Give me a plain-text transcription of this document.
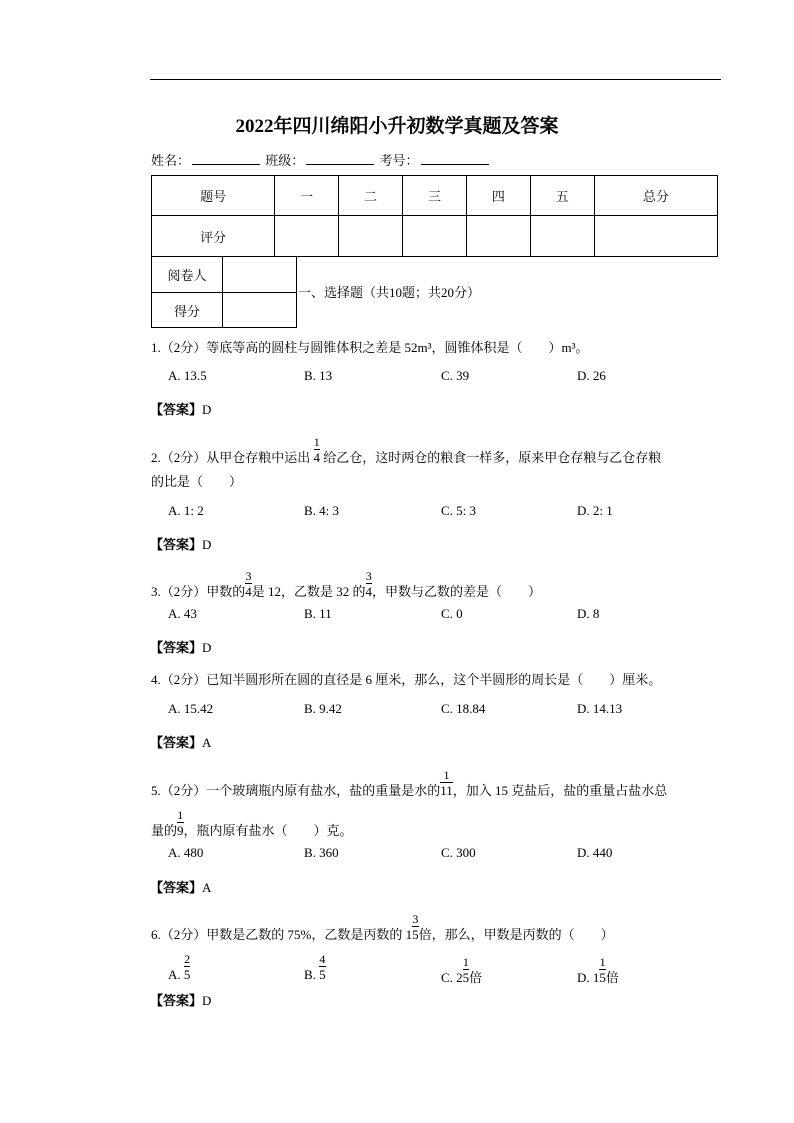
2022年四川绵阳小升初数学真题及答案
姓名：	班级：	考号：
题号	一	二	三	四	五	总分
评分						
阅卷人	
得分	
一、选择题（共10题；共20分）
1.（2分）等底等高的圆柱与圆锥体积之差是 52m³，圆锥体积是（　　）m³。
A. 13.5	B. 13	C. 39	D. 26
【答案】D
2.（2分）从甲仓存粮中运出 $\frac{1}{4}$ 给乙仓，这时两仓的粮食一样多，原来甲仓存粮与乙仓存粮
的比是（　　）
A. 1: 2	B. 4: 3	C. 5: 3	D. 2: 1
【答案】D
3.（2分）甲数的 $\frac{3}{4}$是 12，乙数是 32 的 $\frac{3}{4}$，甲数与乙数的差是（　　）
A. 43	B. 11	C. 0	D. 8
【答案】D
4.（2分）已知半圆形所在圆的直径是 6 厘米，那么，这个半圆形的周长是（　　）厘米。
A. 15.42	B. 9.42	C. 18.84	D. 14.13
【答案】A
5.（2分）一个玻璃瓶内原有盐水，盐的重量是水的 $\frac{1}{11}$，加入 15 克盐后，盐的重量占盐水总
量的 $\frac{1}{9}$，瓶内原有盐水（　　）克。
A. 480	B. 360	C. 300	D. 440
【答案】A
6.（2分）甲数是乙数的 75%，乙数是丙数的 $1 \frac{3}{5}$倍，那么，甲数是丙数的（　　）
A. $\frac{2}{5}$	B. $\frac{4}{5}$	C. $2 \frac{1}{5}$倍	D. $1 \frac{1}{5}$倍
【答案】D
